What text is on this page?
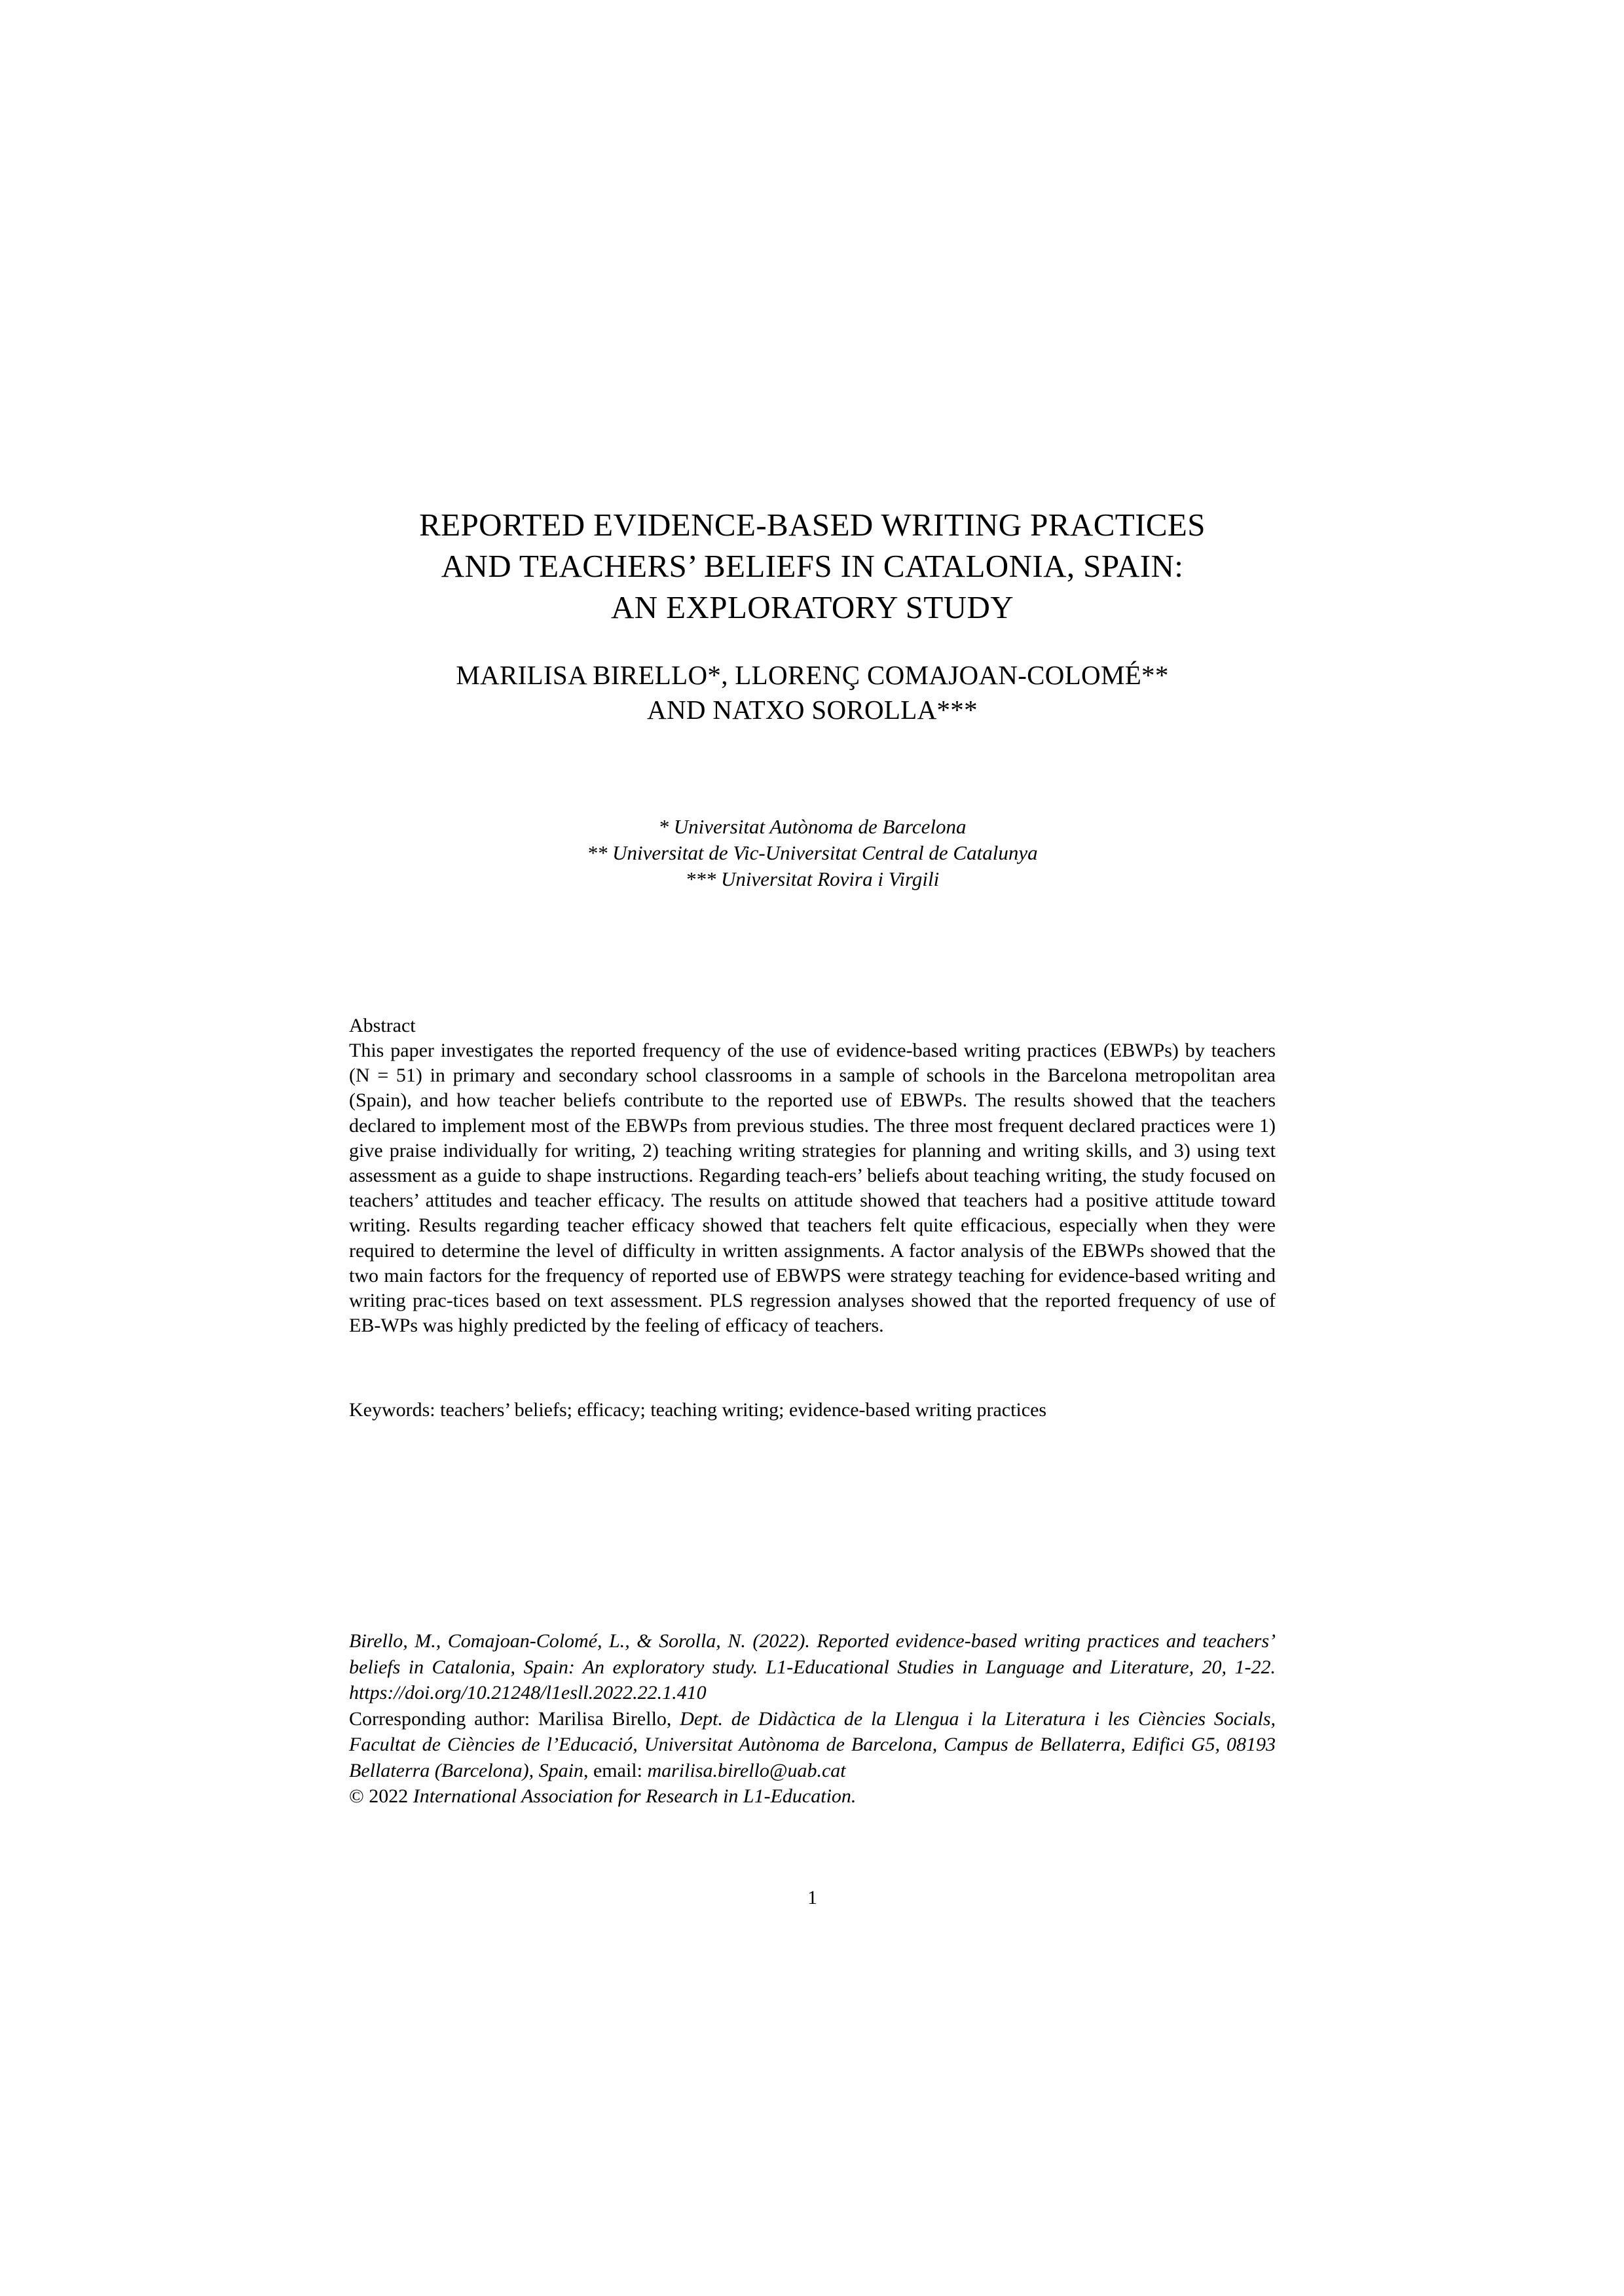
REPORTED EVIDENCE-BASED WRITING PRACTICES
AND TEACHERS’ BELIEFS IN CATALONIA, SPAIN:
AN EXPLORATORY STUDY
MARILISA BIRELLO*, LLORENÇ COMAJOAN-COLOMÉ**
AND NATXO SOROLLA***
* Universitat Autònoma de Barcelona
** Universitat de Vic-Universitat Central de Catalunya
*** Universitat Rovira i Virgili
Abstract

This paper investigates the reported frequency of the use of evidence-based writing practices (EBWPs) by teachers (N = 51) in primary and secondary school classrooms in a sample of schools in the Barcelona metropolitan area (Spain), and how teacher beliefs contribute to the reported use of EBWPs. The results showed that the teachers declared to implement most of the EBWPs from previous studies. The three most frequent declared practices were 1) give praise individually for writing, 2) teaching writing strategies for planning and writing skills, and 3) using text assessment as a guide to shape instructions. Regarding teach-ers’ beliefs about teaching writing, the study focused on teachers’ attitudes and teacher efficacy. The results on attitude showed that teachers had a positive attitude toward writing. Results regarding teacher efficacy showed that teachers felt quite efficacious, especially when they were required to determine the level of difficulty in written assignments. A factor analysis of the EBWPs showed that the two main factors for the frequency of reported use of EBWPS were strategy teaching for evidence-based writing and writing prac-tices based on text assessment. PLS regression analyses showed that the reported frequency of use of EB-WPs was highly predicted by the feeling of efficacy of teachers.

Keywords: teachers’ beliefs; efficacy; teaching writing; evidence-based writing practices

Birello, M., Comajoan-Colomé, L., & Sorolla, N. (2022). Reported evidence-based writing practices and teachers’ beliefs in Catalonia, Spain: An exploratory study. L1-Educational Studies in Language and Literature, 20, 1-22. https://doi.org/10.21248/l1esll.2022.22.1.410

Corresponding author: Marilisa Birello, Dept. de Didàctica de la Llengua i la Literatura i les Ciències Socials, Facultat de Ciències de l’Educació, Universitat Autònoma de Barcelona, Campus de Bellaterra, Edifici G5, 08193 Bellaterra (Barcelona), Spain, email: marilisa.birello@uab.cat

© 2022 International Association for Research in L1-Education.

1
